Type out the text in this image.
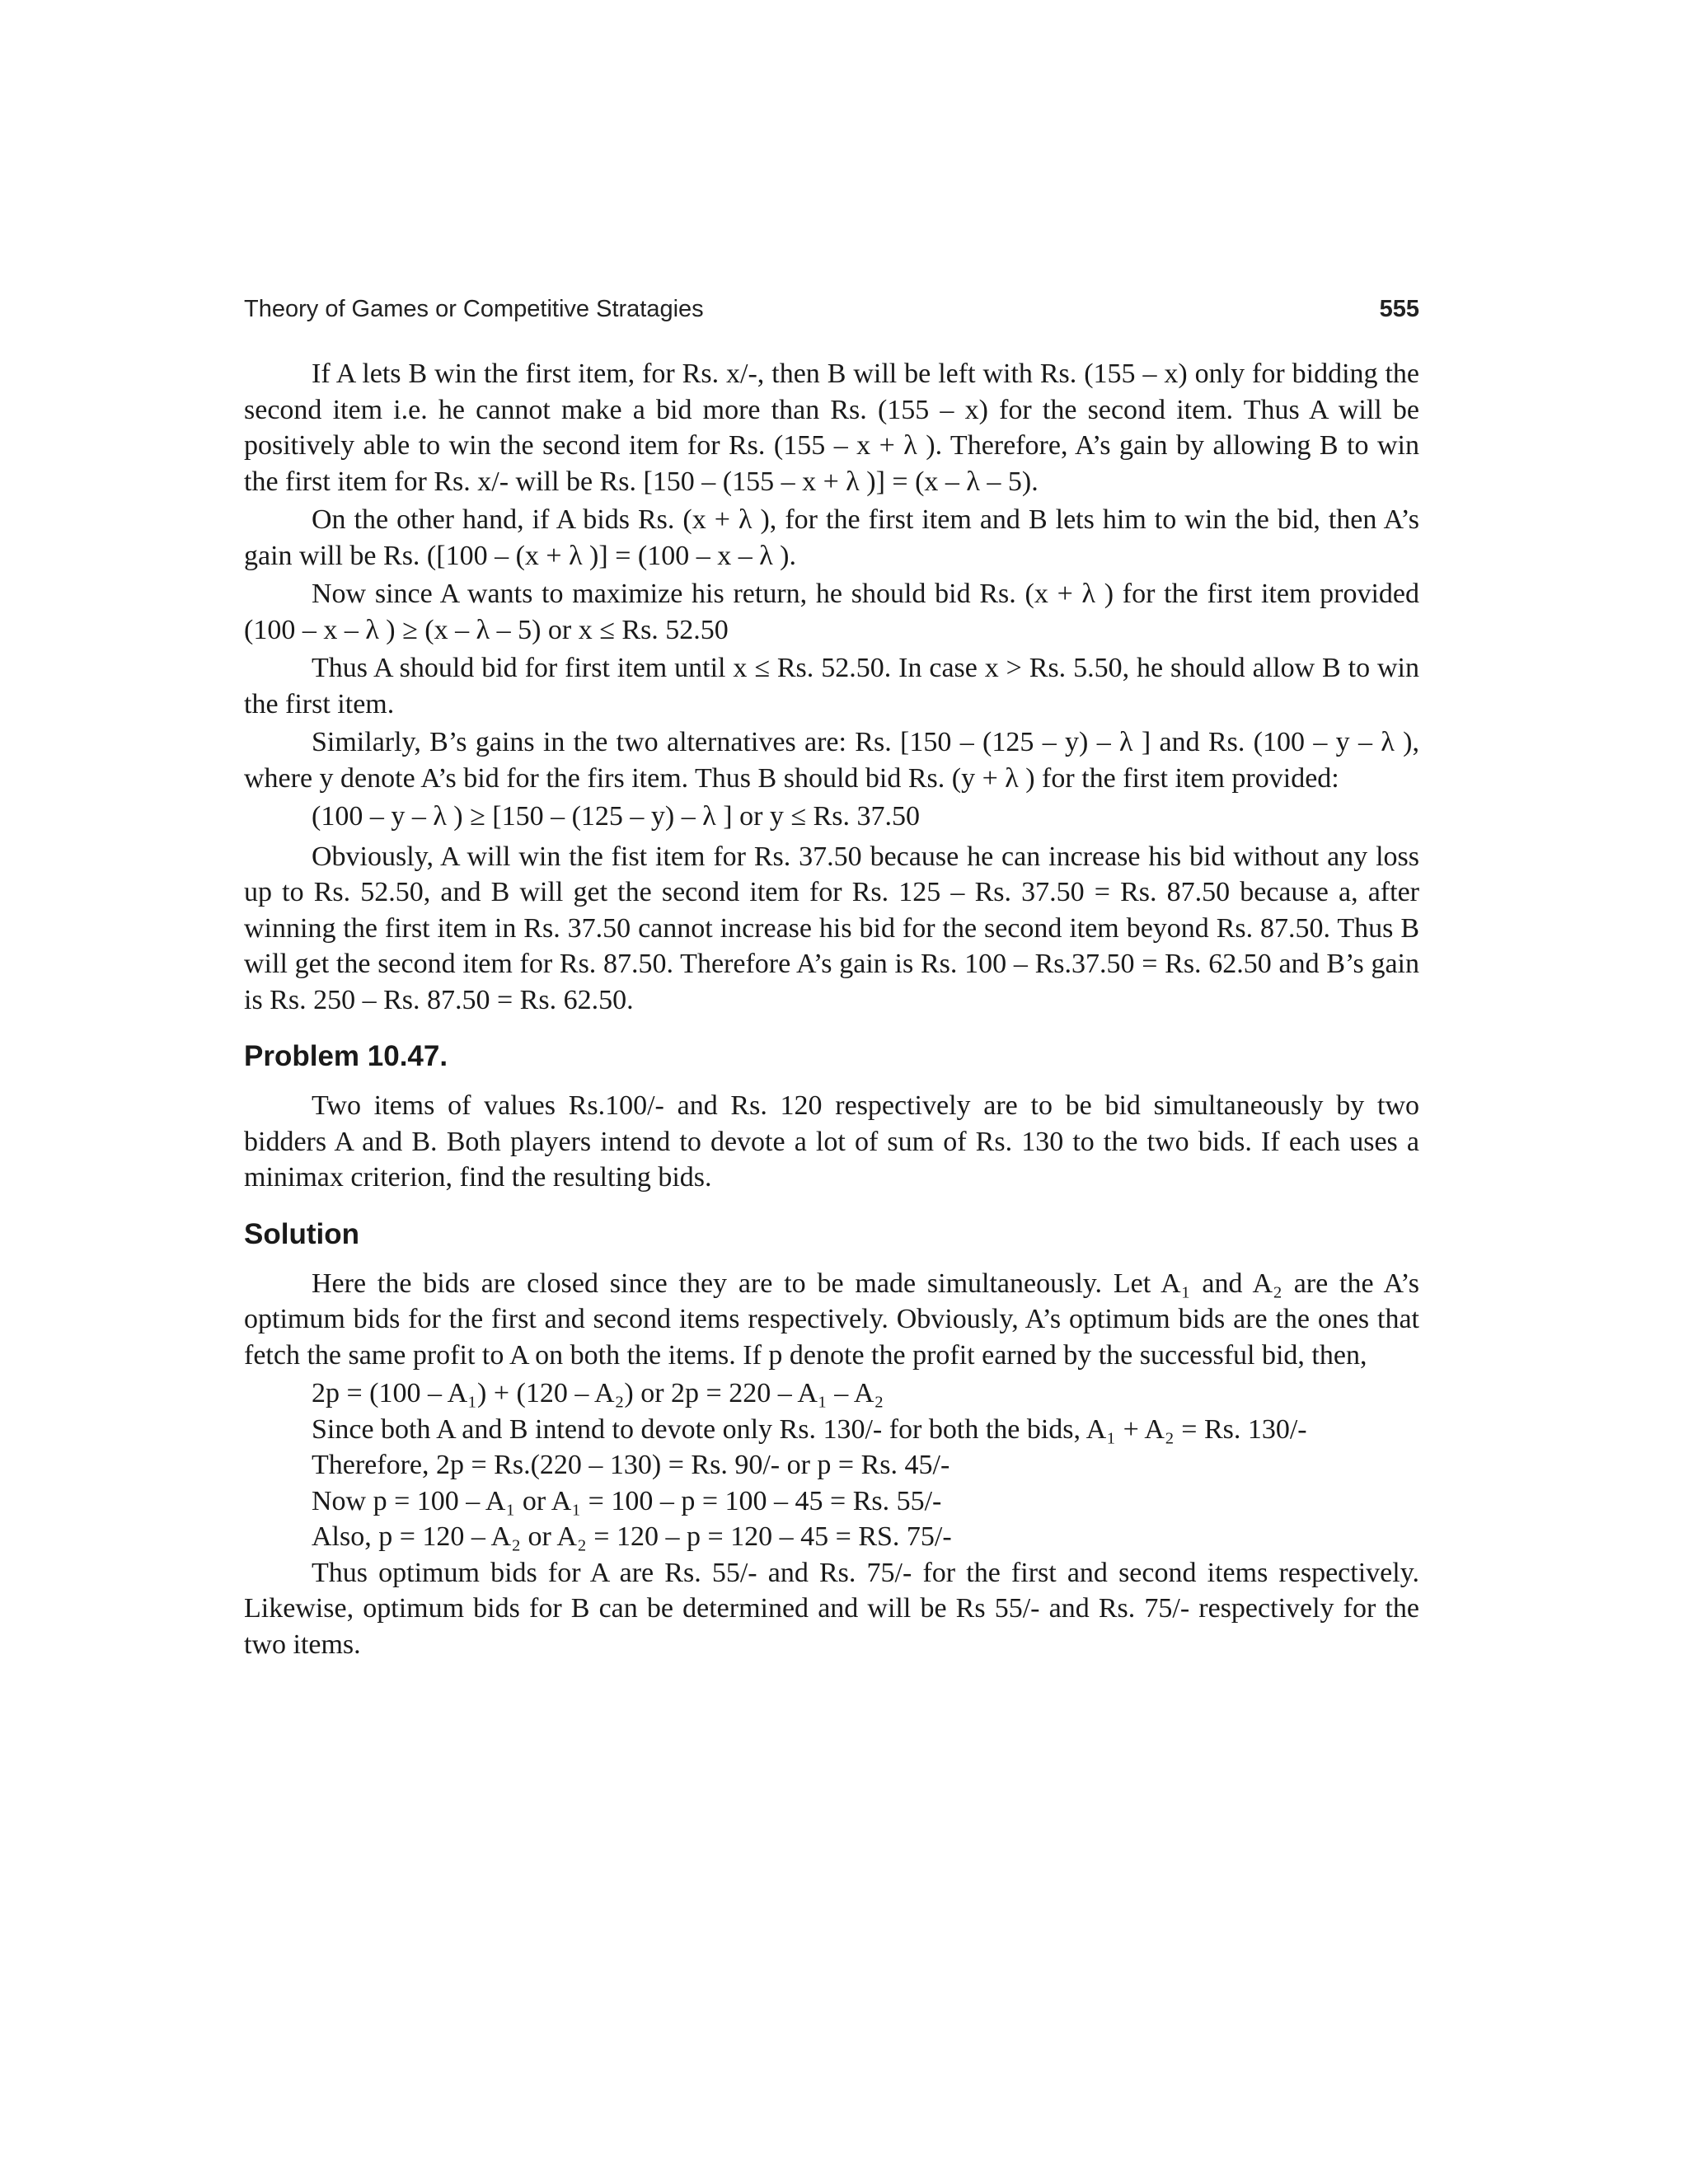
Theory of Games or Competitive Stratagies	555

If A lets B win the first item, for Rs. x/-, then B will be left with Rs. (155 – x) only for bidding the second item i.e. he cannot make a bid more than Rs. (155 – x) for the second item. Thus A will be positively able to win the second item for Rs. (155 – x + λ ). Therefore, A’s gain by allowing B to win the first item for Rs. x/- will be Rs. [150 – (155 – x + λ )] = (x – λ – 5).

On the other hand, if A bids Rs. (x + λ ), for the first item and B lets him to win the bid, then A’s gain will be Rs. ([100 – (x + λ )] = (100 – x – λ ).

Now since A wants to maximize his return, he should bid Rs. (x + λ ) for the first item provided (100 – x – λ ) ≥ (x – λ – 5) or x ≤ Rs. 52.50

Thus A should bid for first item until x ≤ Rs. 52.50. In case x > Rs. 5.50, he should allow B to win the first item.

Similarly, B’s gains in the two alternatives are: Rs. [150 – (125 – y) – λ ] and Rs. (100 – y – λ ), where y denote A’s bid for the firs item. Thus B should bid Rs. (y + λ ) for the first item provided:

(100 – y – λ ) ≥ [150 – (125 – y) – λ ] or y ≤ Rs. 37.50

Obviously, A will win the fist item for Rs. 37.50 because he can increase his bid without any loss up to Rs. 52.50, and B will get the second item for Rs. 125 – Rs. 37.50 = Rs. 87.50 because a, after winning the first item in Rs. 37.50 cannot increase his bid for the second item beyond Rs. 87.50. Thus B will get the second item for Rs. 87.50. Therefore A’s gain is Rs. 100 – Rs.37.50 = Rs. 62.50 and B’s gain is Rs. 250 – Rs. 87.50 = Rs. 62.50.

Problem 10.47.

Two items of values Rs.100/- and Rs. 120 respectively are to be bid simultaneously by two bidders A and B. Both players intend to devote a lot of sum of Rs. 130 to the two bids. If each uses a minimax criterion, find the resulting bids.

Solution

Here the bids are closed since they are to be made simultaneously. Let A₁ and A₂ are the A’s optimum bids for the first and second items respectively. Obviously, A’s optimum bids are the ones that fetch the same profit to A on both the items. If p denote the profit earned by the successful bid, then,

2p = (100 – A₁) + (120 – A₂) or 2p = 220 – A₁ – A₂

Since both A and B intend to devote only Rs. 130/- for both the bids, A₁ + A₂ = Rs. 130/-

Therefore, 2p = Rs.(220 – 130) = Rs. 90/- or p = Rs. 45/-

Now p = 100 – A₁ or A₁ = 100 – p = 100 – 45 = Rs. 55/-

Also, p = 120 – A₂ or A₂ = 120 – p = 120 – 45 = RS. 75/-

Thus optimum bids for A are Rs. 55/- and Rs. 75/- for the first and second items respectively. Likewise, optimum bids for B can be determined and will be Rs 55/- and Rs. 75/- respectively for the two items.
